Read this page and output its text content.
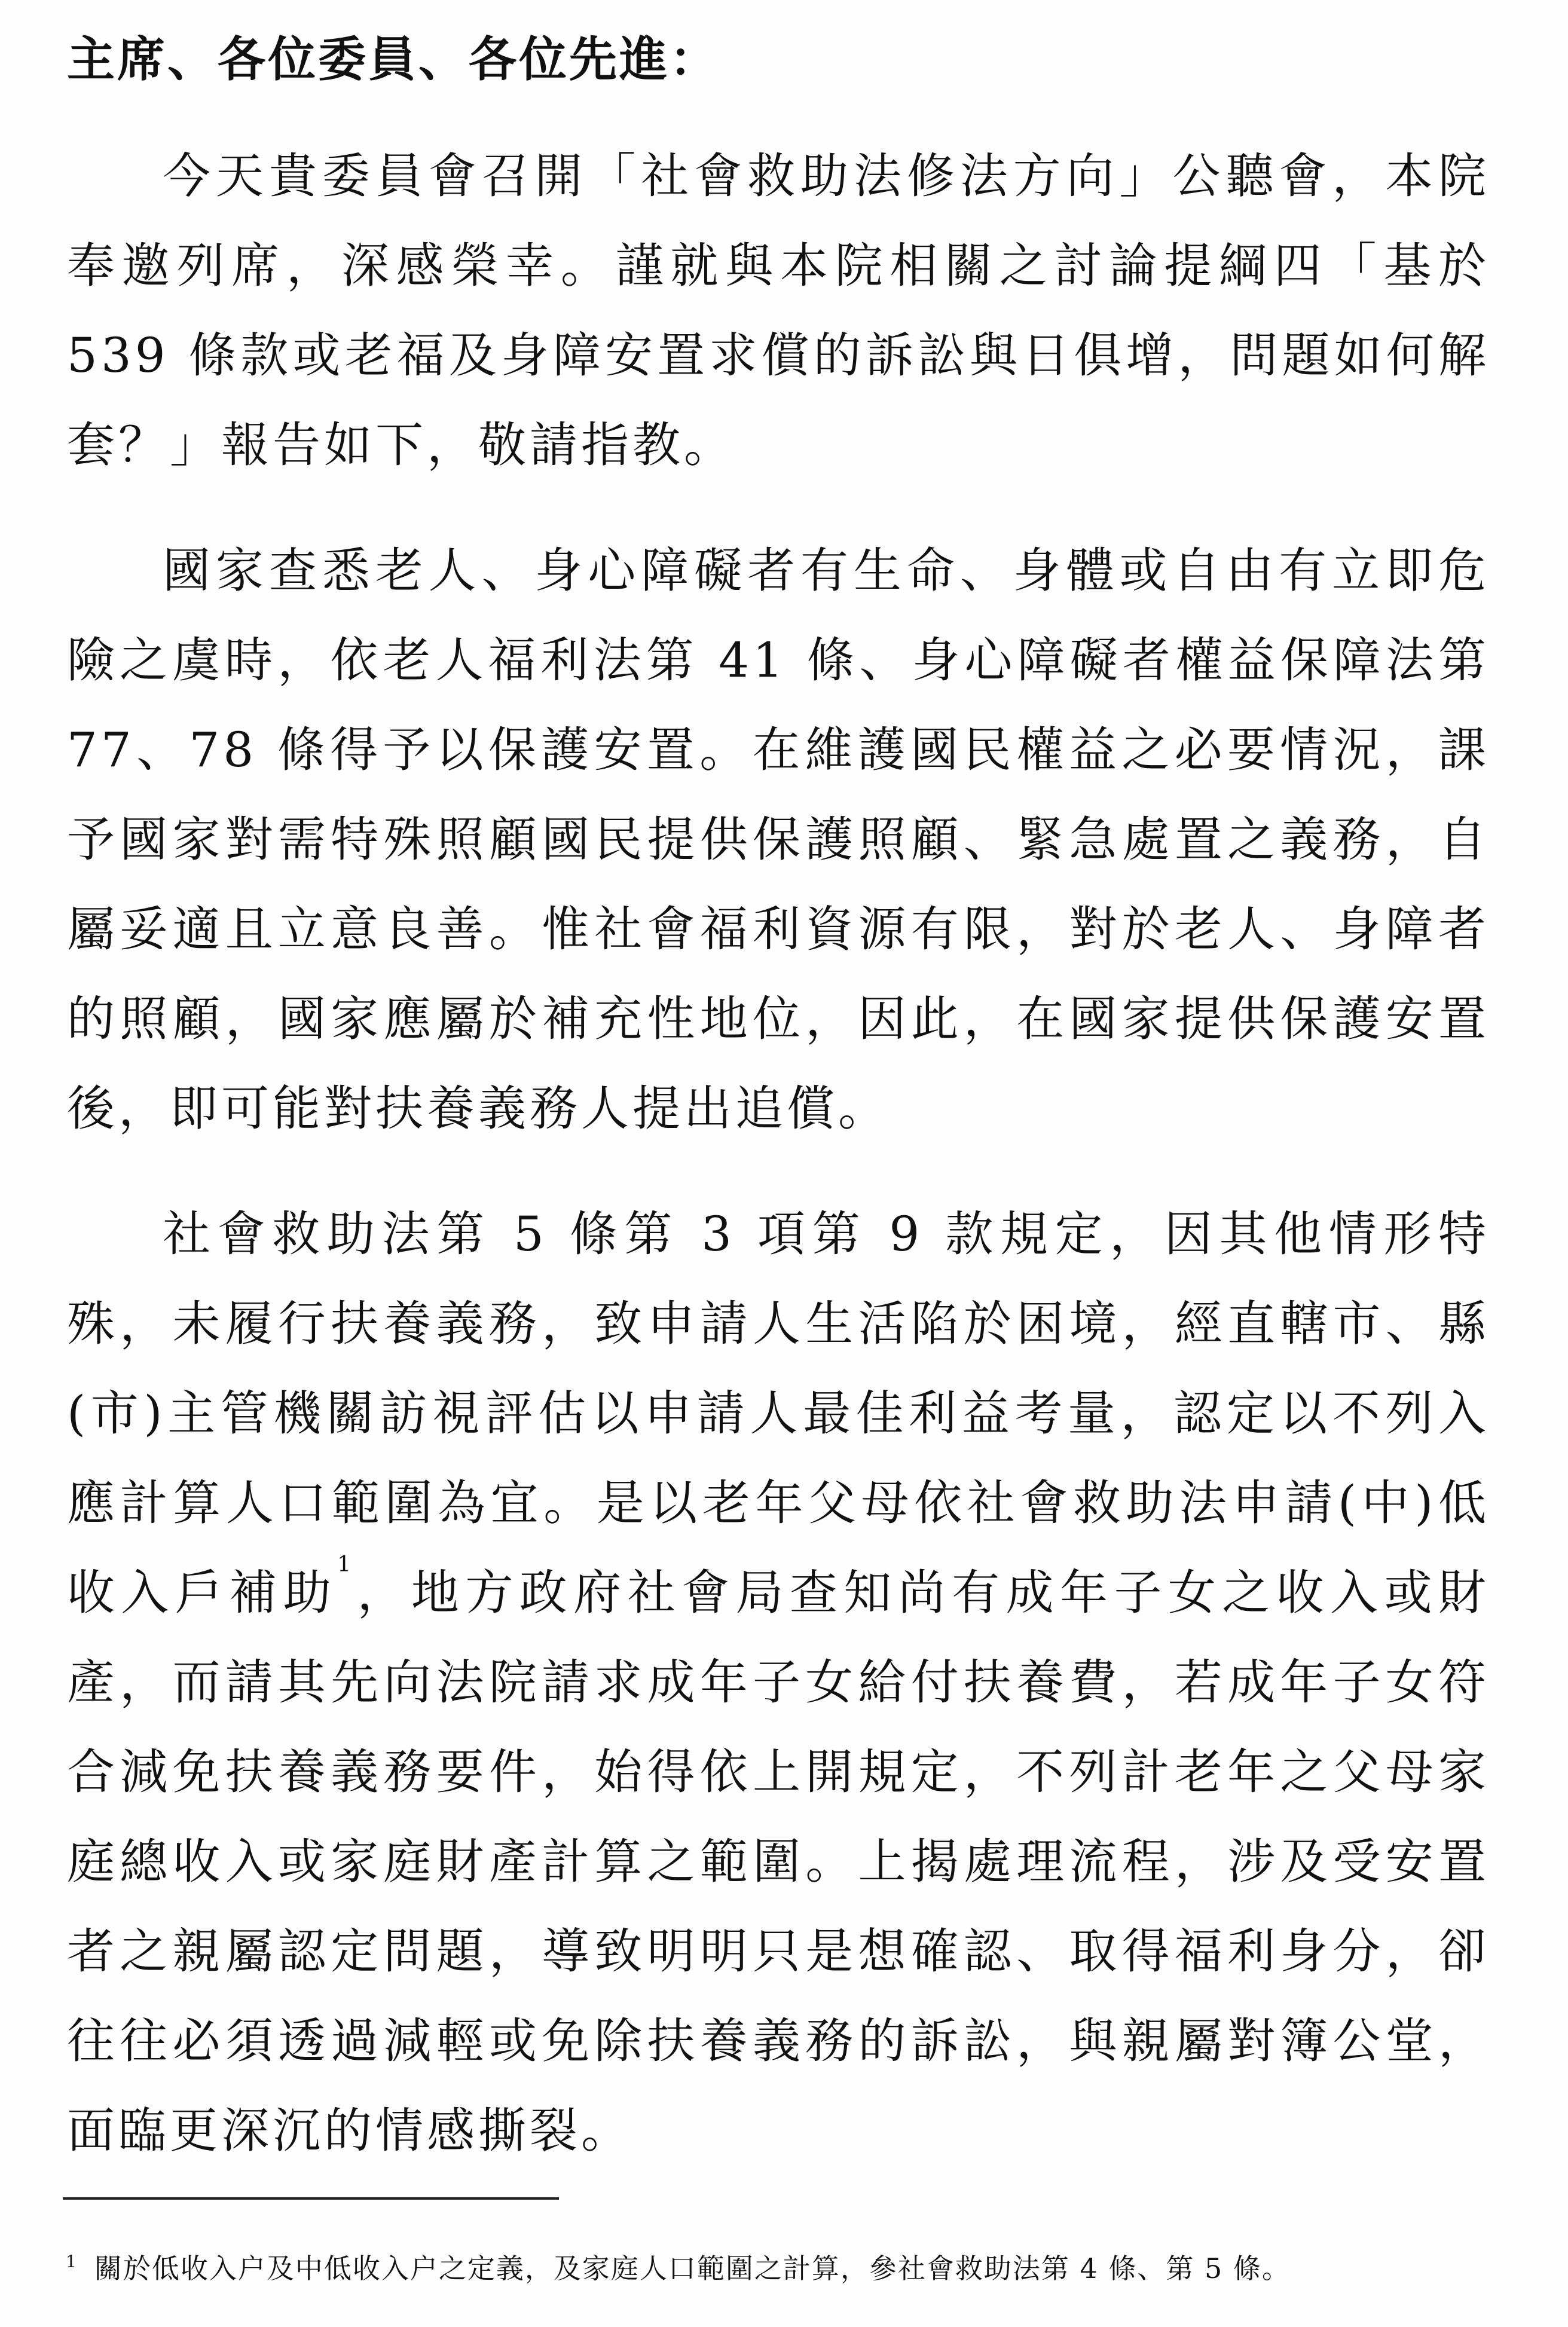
主席、各位委員、各位先進：

今天貴委員會召開「社會救助法修法方向」公聽會，本院奉邀列席，深感榮幸。謹就與本院相關之討論提綱四「基於 539 條款或老福及身障安置求償的訴訟與日俱增，問題如何解套？」報告如下，敬請指教。

國家查悉老人、身心障礙者有生命、身體或自由有立即危險之虞時，依老人福利法第 41 條、身心障礙者權益保障法第 77、78 條得予以保護安置。在維護國民權益之必要情況，課予國家對需特殊照顧國民提供保護照顧、緊急處置之義務，自屬妥適且立意良善。惟社會福利資源有限，對於老人、身障者的照顧，國家應屬於補充性地位，因此，在國家提供保護安置後，即可能對扶養義務人提出追償。

社會救助法第 5 條第 3 項第 9 款規定，因其他情形特殊，未履行扶養義務，致申請人生活陷於困境，經直轄市、縣(市)主管機關訪視評估以申請人最佳利益考量，認定以不列入應計算人口範圍為宜。是以老年父母依社會救助法申請(中)低收入戶補助$^1$，地方政府社會局查知尚有成年子女之收入或財產，而請其先向法院請求成年子女給付扶養費，若成年子女符合減免扶養義務要件，始得依上開規定，不列計老年之父母家庭總收入或家庭財產計算之範圍。上揭處理流程，涉及受安置者之親屬認定問題，導致明明只是想確認、取得福利身分，卻往往必須透過減輕或免除扶養義務的訴訟，與親屬對簿公堂，面臨更深沉的情感撕裂。

$^1$ 關於低收入户及中低收入户之定義，及家庭人口範圍之計算，參社會救助法第 4 條、第 5 條。
